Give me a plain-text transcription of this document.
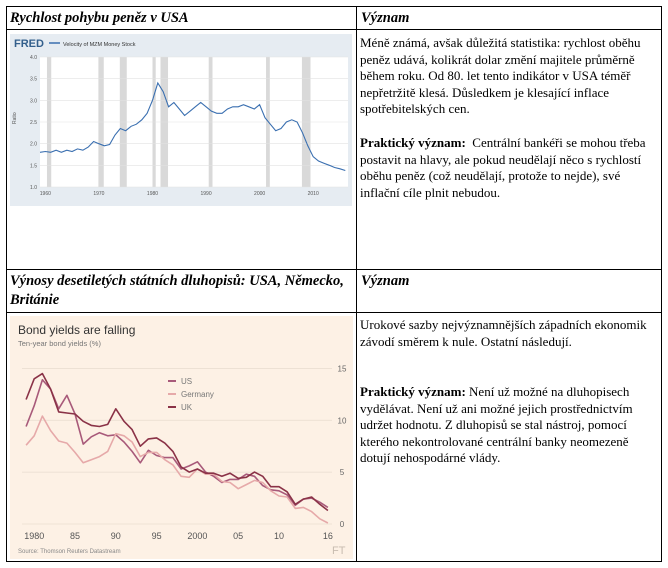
Rychlost pohybu peněz v USA	Význam
FRED	Velocity of MZM Money Stock
1.0
1.5
2.0
2.5
3.0
3.5
4.0
1960	1970	1980	1990	2000	2010
Ratio
Méně známá, avšak důležitá statistika: rychlost oběhu peněz udává, kolikrát dolar změní majitele průměrně během roku. Od 80. let tento indikátor v USA téměř nepřetržitě klesá. Důsledkem je klesající inflace spotřebitelských cen.
Praktický význam: Centrální bankéři se mohou třeba postavit na hlavy, ale pokud neudělají něco s rychlostí oběhu peněz (což neudělají, protože to nejde), své inflační cíle plnit nebudou.
Výnosy desetiletých státních dluhopisů: USA, Německo, Británie
Význam
Bond yields are falling
Ten-year bond yields (%)
0
5
10
15
1980	85	90	95	2000	05	10	16
US
Germany
UK
Source: Thomson Reuters Datastream	FT
Urokové sazby nejvýznamnějších západních ekonomik závodí směrem k nule. Ostatní následují.
Praktický význam: Není už možné na dluhopisech vydělávat. Není už ani možné jejich prostřednictvím udržet hodnotu. Z dluhopisů se stal nástroj, pomocí kterého nekontrolované centrální banky neomezeně dotují nehospodárné vlády.
